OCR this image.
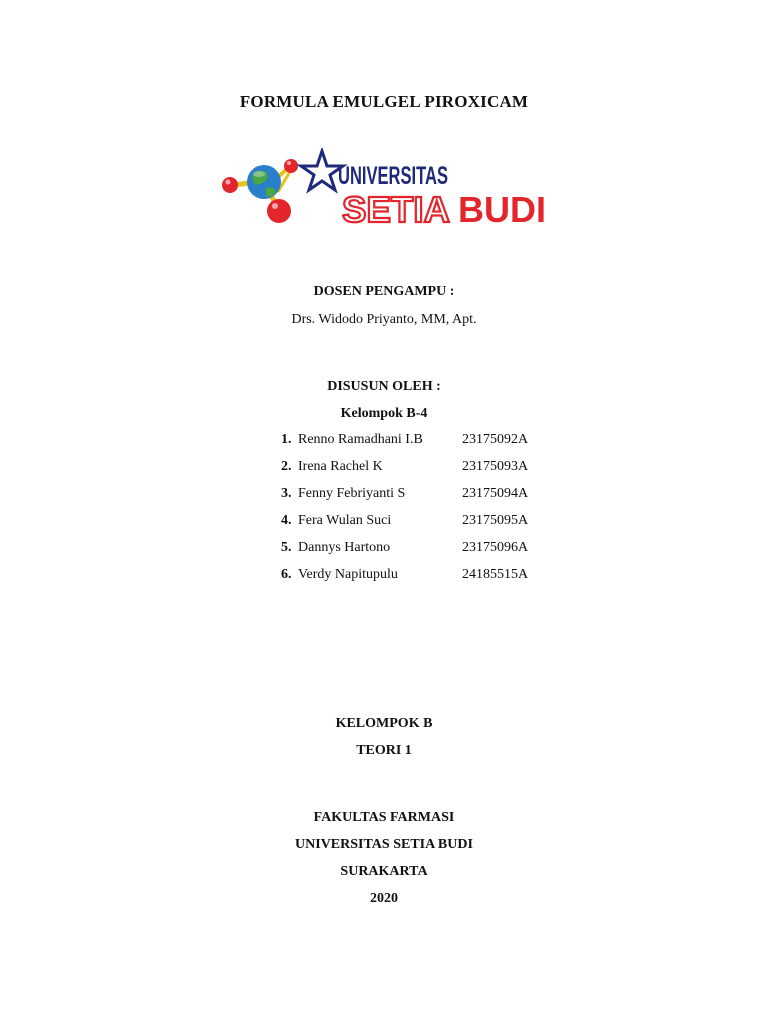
FORMULA EMULGEL PIROXICAM
UNIVERSITAS
SETIA BUDI
DOSEN PENGAMPU :
Drs. Widodo Priyanto, MM, Apt.
DISUSUN OLEH :
Kelompok B-4
1. Renno Ramadhani I.B	23175092A
2. Irena Rachel K	23175093A
3. Fenny Febriyanti S	23175094A
4. Fera Wulan Suci	23175095A
5. Dannys Hartono	23175096A
6. Verdy Napitupulu	24185515A
KELOMPOK B
TEORI 1
FAKULTAS FARMASI
UNIVERSITAS SETIA BUDI
SURAKARTA
2020
